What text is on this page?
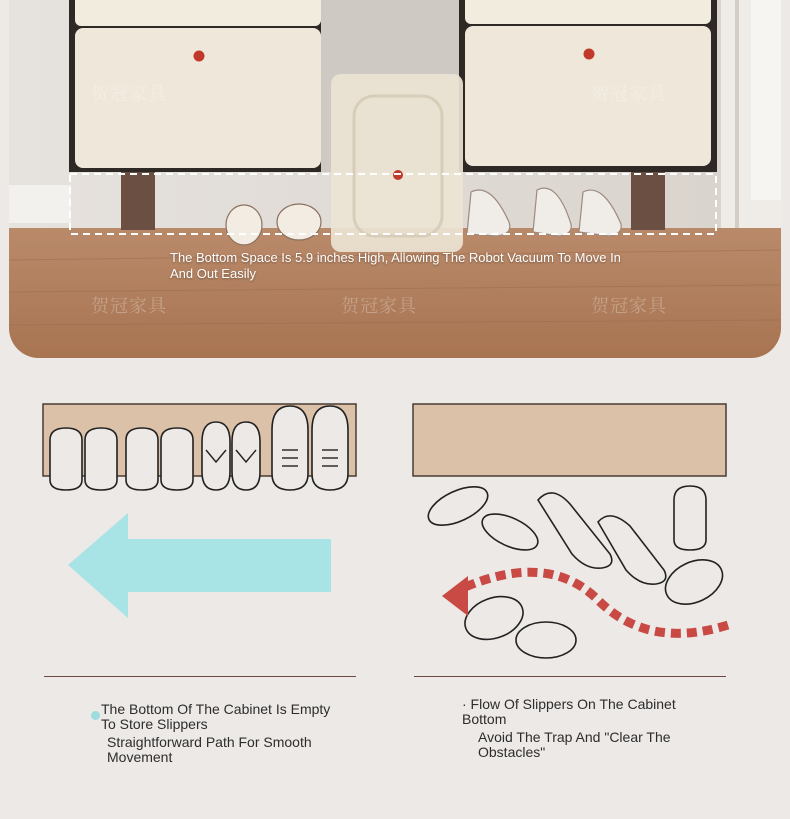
贺冠家具	贺冠家具
贺冠家具	贺冠家具	贺冠家具
The Bottom Space Is 5.9 inches High, Allowing The Robot Vacuum To Move In And Out Easily
The Bottom Of The Cabinet Is Empty To Store Slippers
Straightforward Path For Smooth Movement
· Flow Of Slippers On The Cabinet Bottom
Avoid The Trap And "Clear The Obstacles"
